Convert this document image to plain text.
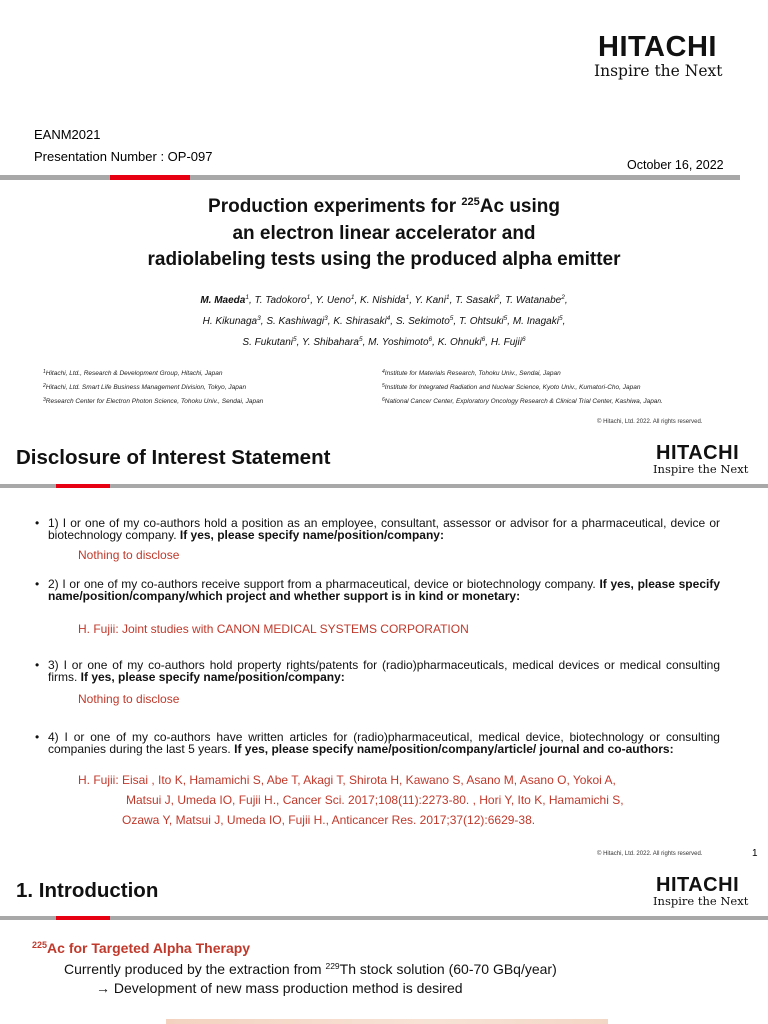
HITACHI
Inspire the Next
EANM2021
Presentation Number : OP-097
October 16, 2022
Production experiments for $^{225}$Ac using
an electron linear accelerator and
radiolabeling tests using the produced alpha emitter
M. Maeda$^1$, T. Tadokoro$^1$, Y. Ueno$^1$, K. Nishida$^1$, Y. Kani$^1$, T. Sasaki$^2$, T. Watanabe$^2$,
H. Kikunaga$^3$, S. Kashiwagi$^3$, K. Shirasaki$^4$, S. Sekimoto$^5$, T. Ohtsuki$^5$, M. Inagaki$^5$,
S. Fukutani$^5$, Y. Shibahara$^5$, M. Yoshimoto$^6$, K. Ohnuki$^6$, H. Fujii$^6$
$^1$Hitachi, Ltd., Research & Development Group, Hitachi, Japan
$^2$Hitachi, Ltd. Smart Life Business Management Division, Tokyo, Japan
$^3$Research Center for Electron Photon Science, Tohoku Univ., Sendai, Japan
$^4$Institute for Materials Research, Tohoku Univ., Sendai, Japan
$^5$Institute for Integrated Radiation and Nuclear Science, Kyoto Univ., Kumatori-Cho, Japan
$^6$National Cancer Center, Exploratory Oncology Research & Clinical Trial Center, Kashiwa, Japan.
© Hitachi, Ltd. 2022. All rights reserved.
Disclosure of Interest Statement	HITACHI
Inspire the Next
• 1) I or one of my co-authors hold a position as an employee, consultant, assessor or advisor for a pharmaceutical, device or biotechnology company. If yes, please specify name/position/company:
Nothing to disclose
• 2) I or one of my co-authors receive support from a pharmaceutical, device or biotechnology company. If yes, please specify name/position/company/which project and whether support is in kind or monetary:
H. Fujii: Joint studies with CANON MEDICAL SYSTEMS CORPORATION
• 3) I or one of my co-authors hold property rights/patents for (radio)pharmaceuticals, medical devices or medical consulting firms. If yes, please specify name/position/company:
Nothing to disclose
• 4) I or one of my co-authors have written articles for (radio)pharmaceutical, medical device, biotechnology or consulting companies during the last 5 years. If yes, please specify name/position/company/article/ journal and co-authors:
H. Fujii: Eisai , Ito K, Hamamichi S, Abe T, Akagi T, Shirota H, Kawano S, Asano M, Asano O, Yokoi A,
Matsui J, Umeda IO, Fujii H., Cancer Sci. 2017;108(11):2273-80. , Hori Y, Ito K, Hamamichi S,
Ozawa Y, Matsui J, Umeda IO, Fujii H., Anticancer Res. 2017;37(12):6629-38.
© Hitachi, Ltd. 2022. All rights reserved.	1
1. Introduction	HITACHI
Inspire the Next
$^{225}$Ac for Targeted Alpha Therapy
Currently produced by the extraction from $^{229}$Th stock solution (60-70 GBq/year)
→ Development of new mass production method is desired
